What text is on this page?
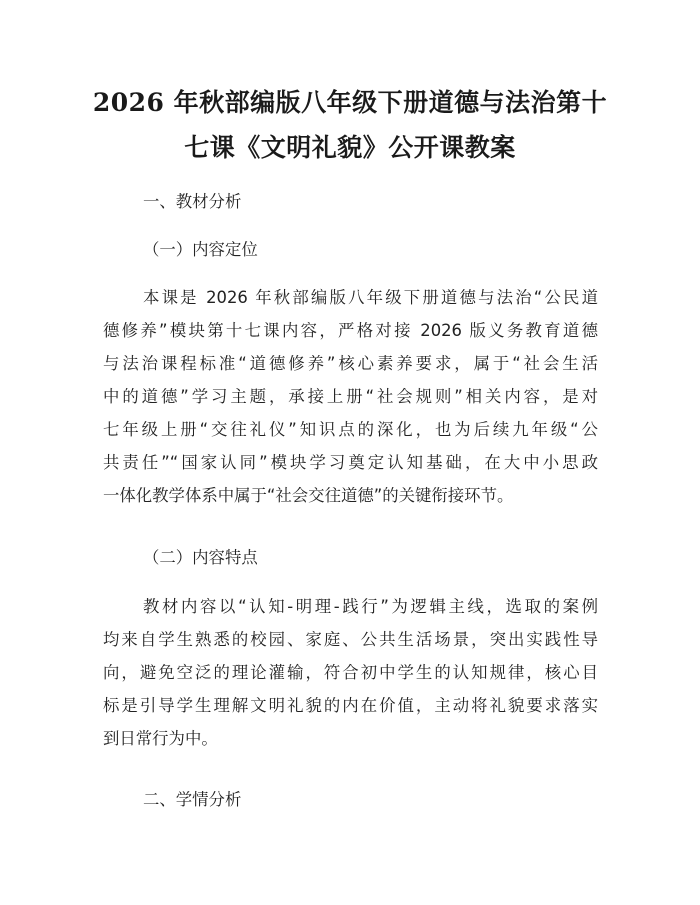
2026 年秋部编版八年级下册道德与法治第十
七课《文明礼貌》公开课教案
一、教材分析
（一）内容定位
本课是 2026 年秋部编版八年级下册道德与法治“公民道
德修养”模块第十七课内容，严格对接 2026 版义务教育道德
与法治课程标准“道德修养”核心素养要求，属于“社会生活
中的道德”学习主题，承接上册“社会规则”相关内容，是对
七年级上册“交往礼仪”知识点的深化，也为后续九年级“公
共责任”“国家认同”模块学习奠定认知基础，在大中小思政
一体化教学体系中属于“社会交往道德”的关键衔接环节。
（二）内容特点
教材内容以“认知-明理-践行”为逻辑主线，选取的案例
均来自学生熟悉的校园、家庭、公共生活场景，突出实践性导
向，避免空泛的理论灌输，符合初中学生的认知规律，核心目
标是引导学生理解文明礼貌的内在价值，主动将礼貌要求落实
到日常行为中。
二、学情分析
